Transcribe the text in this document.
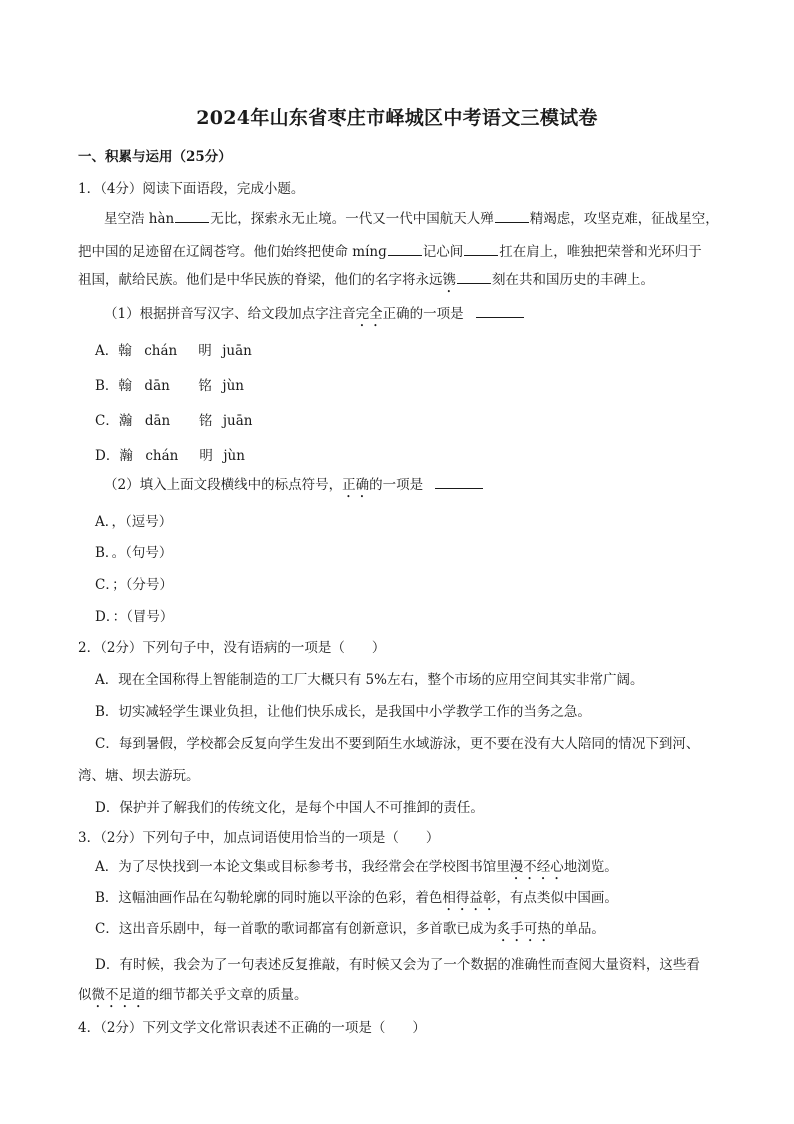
2024年山东省枣庄市峄城区中考语文三模试卷
一、积累与运用（25分）
1．（4分）阅读下面语段，完成小题。
星空浩 hàn	无比，探索永无止境。一代又一代中国航天人殚	精竭虑，攻坚克难，征战星空，
把中国的足迹留在辽阔苍穹。他们始终把使命 mínɡ	记心间	扛在肩上，唯独把荣誉和光环归于
祖国，献给民族。他们是中华民族的脊梁，他们的名字将永远镌	刻在共和国历史的丰碑上。
（1）根据拼音写汉字、给文段加点字注音完全正确的一项是
A．翰 chán 明 juān
B．翰 dān 铭 jùn
C．瀚 dān 铭 juān
D．瀚 chán 明 jùn
（2）填入上面文段横线中的标点符号，正确的一项是
A．，（逗号）
B．。（句号）
C．；（分号）
D．：（冒号）
2．（2分）下列句子中，没有语病的一项是（　　）
A．现在全国称得上智能制造的工厂大概只有 5%左右，整个市场的应用空间其实非常广阔。
B．切实减轻学生课业负担，让他们快乐成长，是我国中小学教学工作的当务之急。
C．每到暑假，学校都会反复向学生发出不要到陌生水域游泳，更不要在没有大人陪同的情况下到河、
湾、塘、坝去游玩。
D．保护并了解我们的传统文化，是每个中国人不可推卸的责任。
3．（2分）下列句子中，加点词语使用恰当的一项是（　　）
A．为了尽快找到一本论文集或目标参考书，我经常会在学校图书馆里漫不经心地浏览。
B．这幅油画作品在勾勒轮廓的同时施以平涂的色彩，着色相得益彰，有点类似中国画。
C．这出音乐剧中，每一首歌的歌词都富有创新意识，多首歌已成为炙手可热的单品。
D．有时候，我会为了一句表述反复推敲，有时候又会为了一个数据的准确性而查阅大量资料，这些看
似微不足道的细节都关乎文章的质量。
4．（2分）下列文学文化常识表述不正确的一项是（　　）
